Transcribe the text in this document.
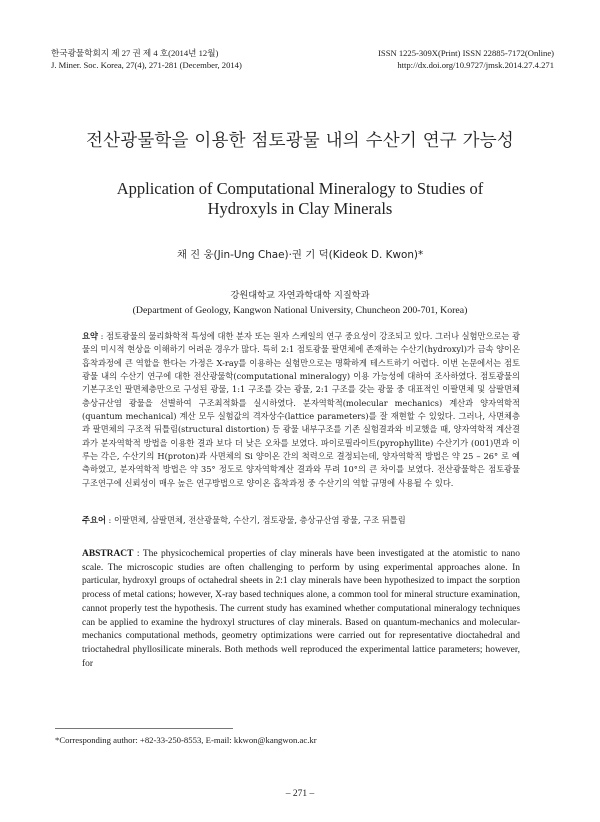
한국광물학회지 제 27 권 제 4 호(2014년 12월)	ISSN 1225-309X(Print) ISSN 22885-7172(Online)
J. Miner. Soc. Korea, 27(4), 271-281 (December, 2014)	http://dx.doi.org/10.9727/jmsk.2014.27.4.271
전산광물학을 이용한 점토광물 내의 수산기 연구 가능성
Application of Computational Mineralogy to Studies of
Hydroxyls in Clay Minerals
채 진 웅(Jin-Ung Chae)·권 기 덕(Kideok D. Kwon)*
강원대학교 자연과학대학 지질학과
(Department of Geology, Kangwon National University, Chuncheon 200-701, Korea)
요약 : 점토광물의 물리화학적 특성에 대한 분자 또는 원자 스케일의 연구 중요성이 강조되고 있다. 그러나 실험만으로는 광물의 미시적 현상을 이해하기 어려운 경우가 많다. 특히 2:1 점토광물 팔면체에 존재하는 수산기(hydroxyl)가 금속 양이온 흡착과정에 큰 역할을 한다는 가정은 X-ray를 이용하는 실험만으로는 명확하게 테스트하기 어렵다. 이번 논문에서는 점토광물 내의 수산기 연구에 대한 전산광물학(computational mineralogy) 이용 가능성에 대하여 조사하였다. 점토광물의 기본구조인 팔면체층만으로 구성된 광물, 1:1 구조를 갖는 광물, 2:1 구조를 갖는 광물 중 대표적인 이팔면체 및 삼팔면체 층상규산염 광물을 선별하여 구조최적화를 실시하였다. 분자역학적(molecular mechanics) 계산과 양자역학적(quantum mechanical) 계산 모두 실험값의 격자상수(lattice parameters)를 잘 재현할 수 있었다. 그러나, 사면체층과 팔면체의 구조적 뒤틀림(structural distortion) 등 광물 내부구조를 기존 실험결과와 비교했을 때, 양자역학적 계산결과가 분자역학적 방법을 이용한 결과 보다 더 낮은 오차를 보였다. 파이로필라이트(pyrophyllite) 수산기가 (001)면과 이루는 각은, 수산기의 H(proton)과 사면체의 Si 양이온 간의 척력으로 결정되는데, 양자역학적 방법은 약 25 – 26° 로 예측하였고, 분자역학적 방법은 약 35° 정도로 양자역학계산 결과와 무려 10°의 큰 차이를 보였다. 전산광물학은 점토광물 구조연구에 신뢰성이 매우 높은 연구방법으로 양이온 흡착과정 중 수산기의 역할 규명에 사용될 수 있다.
주요어 : 이팔면체, 삼팔면체, 전산광물학, 수산기, 점토광물, 층상규산염 광물, 구조 뒤틀림
ABSTRACT : The physicochemical properties of clay minerals have been investigated at the atomistic to nano scale. The microscopic studies are often challenging to perform by using experimental approaches alone. In particular, hydroxyl groups of octahedral sheets in 2:1 clay minerals have been hypothesized to impact the sorption process of metal cations; however, X-ray based techniques alone, a common tool for mineral structure examination, cannot properly test the hypothesis. The current study has examined whether computational mineralogy techniques can be applied to examine the hydroxyl structures of clay minerals. Based on quantum-mechanics and molecular-mechanics computational methods, geometry optimizations were carried out for representative dioctahedral and trioctahedral phyllosilicate minerals. Both methods well reproduced the experimental lattice parameters; however, for
*Corresponding author: +82-33-250-8553, E-mail: kkwon@kangwon.ac.kr
– 271 –
